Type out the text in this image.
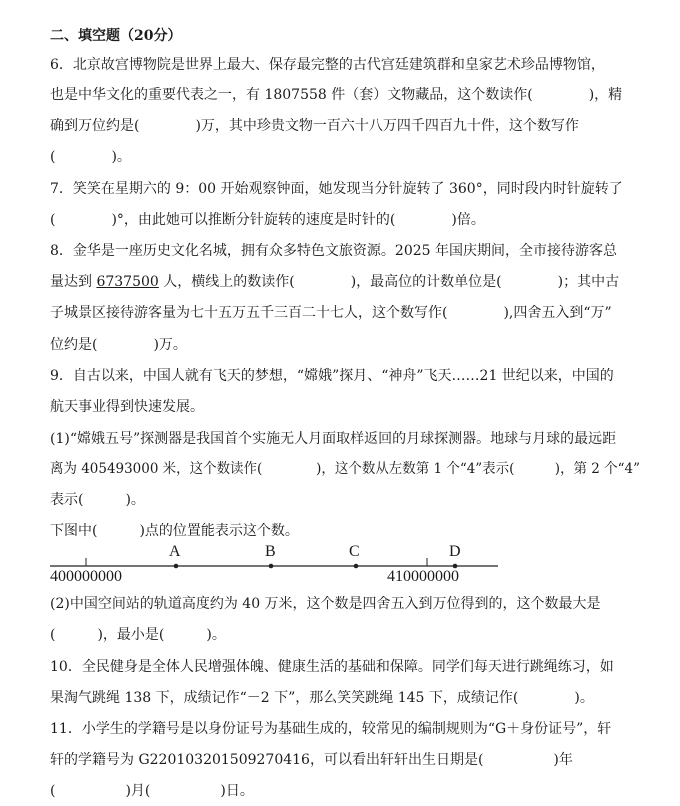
二、填空题（20分）
6．北京故宫博物院是世界上最大、保存最完整的古代宫廷建筑群和皇家艺术珍品博物馆，
也是中华文化的重要代表之一，有 1807558 件（套）文物藏品，这个数读作(　　　　)，精
确到万位约是(　　　　)万，其中珍贵文物一百六十八万四千四百九十件，这个数写作
(　　　　)。
7．笑笑在星期六的 9：00 开始观察钟面，她发现当分针旋转了 360°，同时段内时针旋转了
(　　　　)°，由此她可以推断分针旋转的速度是时针的(　　　　)倍。
8．金华是一座历史文化名城，拥有众多特色文旅资源。2025 年国庆期间，全市接待游客总
量达到 6737500 人，横线上的数读作(　　　　)，最高位的计数单位是(　　　　)；其中古
子城景区接待游客量为七十五万五千三百二十七人，这个数写作(　　　　),四舍五入到“万”
位约是(　　　　)万。
9．自古以来，中国人就有飞天的梦想，“嫦娥”探月、“神舟”飞天……21 世纪以来，中国的
航天事业得到快速发展。
(1)“嫦娥五号”探测器是我国首个实施无人月面取样返回的月球探测器。地球与月球的最远距
离为 405493000 米，这个数读作(　　　　)，这个数从左数第 1 个“4”表示(　　　)，第 2 个“4”
表示(　　　)。
下图中(　　　)点的位置能表示这个数。
A	B	C	D
400000000	410000000
(2)中国空间站的轨道高度约为 40 万米，这个数是四舍五入到万位得到的，这个数最大是
(　　　)，最小是(　　　)。
10．全民健身是全体人民增强体魄、健康生活的基础和保障。同学们每天进行跳绳练习，如
果淘气跳绳 138 下，成绩记作“－2 下”，那么笑笑跳绳 145 下，成绩记作(　　　　)。
11．小学生的学籍号是以身份证号为基础生成的，较常见的编制规则为“G＋身份证号”，轩
轩的学籍号为 G220103201509270416，可以看出轩轩出生日期是(　　　　　)年
(　　　　　)月(　　　　　)日。
